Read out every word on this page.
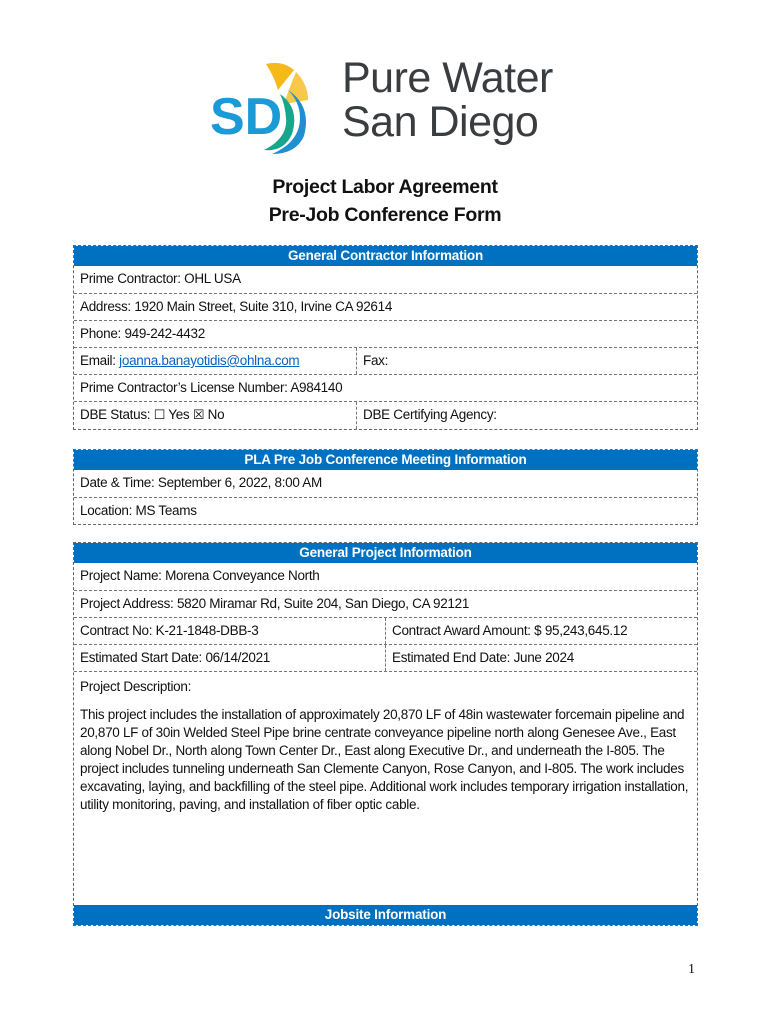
SD
Pure Water
San Diego
Project Labor Agreement
Pre-Job Conference Form
General Contractor Information
Prime Contractor: OHL USA
Address: 1920 Main Street, Suite 310, Irvine CA 92614
Phone: 949-242-4432
Email: joanna.banayotidis@ohlna.com	Fax:
Prime Contractor’s License Number: A984140
DBE Status: ☐ Yes ☒ No	DBE Certifying Agency:
PLA Pre Job Conference Meeting Information
Date & Time: September 6, 2022, 8:00 AM
Location: MS Teams
General Project Information
Project Name: Morena Conveyance North
Project Address: 5820 Miramar Rd, Suite 204, San Diego, CA 92121
Contract No: K-21-1848-DBB-3	Contract Award Amount: $ 95,243,645.12
Estimated Start Date: 06/14/2021	Estimated End Date: June 2024
Project Description:
This project includes the installation of approximately 20,870 LF of 48in wastewater forcemain pipeline and 20,870 LF of 30in Welded Steel Pipe brine centrate conveyance pipeline north along Genesee Ave., East along Nobel Dr., North along Town Center Dr., East along Executive Dr., and underneath the I-805. The project includes tunneling underneath San Clemente Canyon, Rose Canyon, and I-805. The work includes excavating, laying, and backfilling of the steel pipe. Additional work includes temporary irrigation installation, utility monitoring, paving, and installation of fiber optic cable.
Jobsite Information
1
